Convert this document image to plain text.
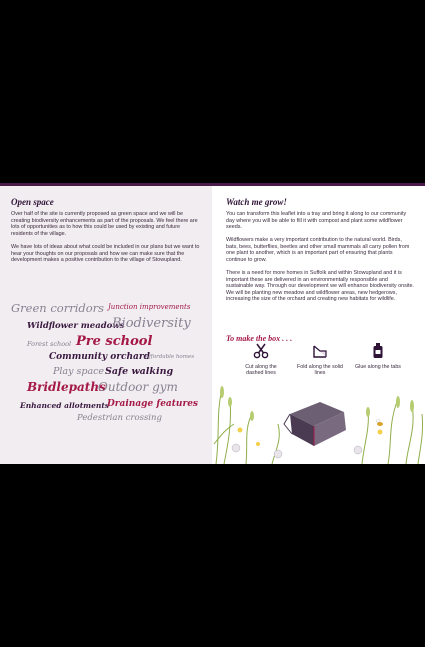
Open space

Over half of the site is currently proposed as green space and we will be creating biodiversity enhancements as part of the proposals. We feel there are lots of opportunities as to how this could be used by existing and future residents of the village.

We have lots of ideas about what could be included in our plans but we want to hear your thoughts on our proposals and how we can make sure that the development makes a positive contribution to the village of Stowupland.

Green corridors Junction improvements
Wildflower meadows
Biodiversity
Forest school Pre school
Community orchard
Affordable homes
Play space Safe walking
Bridlepaths
Outdoor gym
Enhanced allotments
Drainage features
Pedestrian crossing
Watch me grow!

You can transform this leaflet into a tray and bring it along to our community day where you will be able to fill it with compost and plant some wildflower seeds.

Wildflowers make a very important contribution to the natural world. Birds, bats, bees, butterflies, beetles and other small mammals all carry pollen from one plant to another, which is an important part of ensuring that plants continue to grow.

There is a need for more homes in Suffolk and within Stowupland and it is important these are delivered in an environmentally responsible and sustainable way. Through our development we will enhance biodiversity onsite. We will be planting new meadow and wildflower areas, new hedgerows, increasing the size of the orchard and creating new habitats for wildlife.

To make the box . . .
Cut along the dashed lines
Fold along the solid lines
Glue along the tabs
